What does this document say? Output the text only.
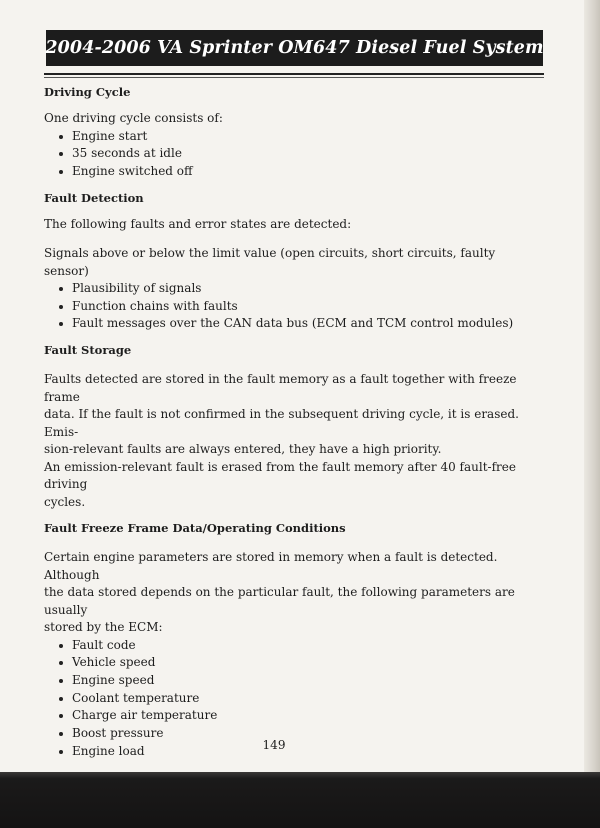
2004-2006 VA Sprinter OM647 Diesel Fuel System
Driving Cycle
One driving cycle consists of:
Engine start
35 seconds at idle
Engine switched off
Fault Detection
The following faults and error states are detected:
Signals above or below the limit value (open circuits, short circuits, faulty sensor)
Plausibility of signals
Function chains with faults
Fault messages over the CAN data bus (ECM and TCM control modules)
Fault Storage
Faults detected are stored in the fault memory as a fault together with freeze frame
data. If the fault is not confirmed in the subsequent driving cycle, it is erased. Emis-
sion-relevant faults are always entered, they have a high priority.
An emission-relevant fault is erased from the fault memory after 40 fault-free driving
cycles.
Fault Freeze Frame Data/Operating Conditions
Certain engine parameters are stored in memory when a fault is detected. Although
the data stored depends on the particular fault, the following parameters are usually
stored by the ECM:
Fault code
Vehicle speed
Engine speed
Coolant temperature
Charge air temperature
Boost pressure
Engine load	149
